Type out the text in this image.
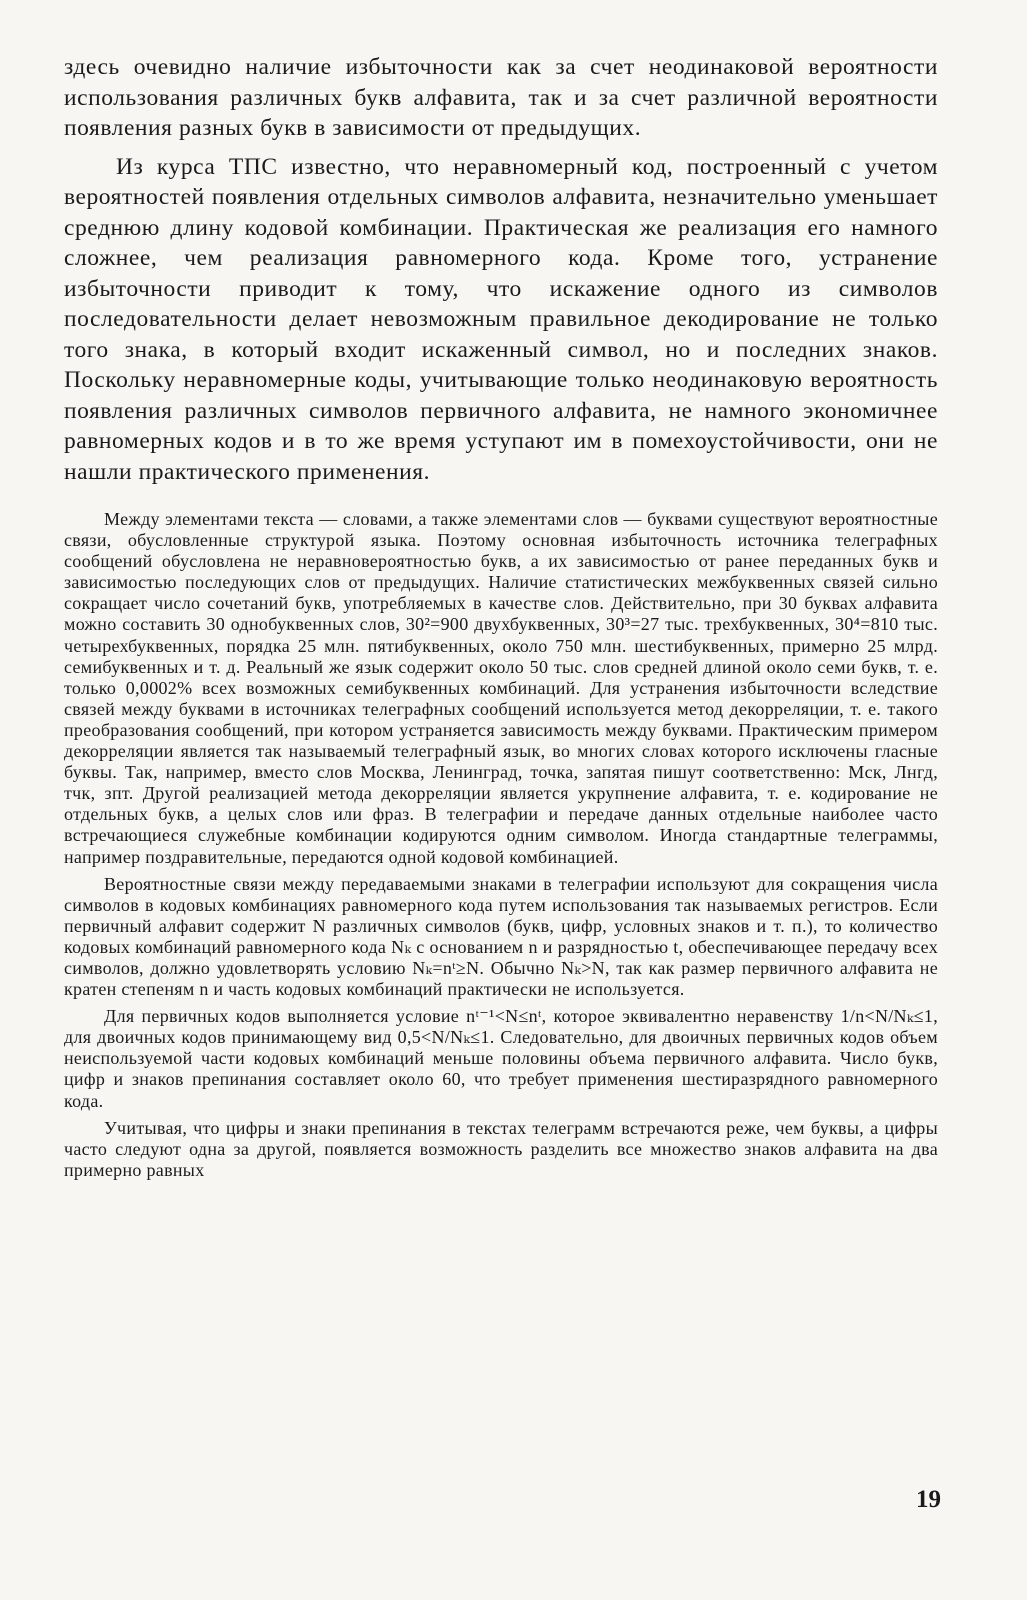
здесь очевидно наличие избыточности как за счет неодинаковой вероятности использования различных букв алфавита, так и за счет различной вероятности появления разных букв в зависимости от предыдущих.

Из курса ТПС известно, что неравномерный код, построенный с учетом вероятностей появления отдельных символов алфавита, незначительно уменьшает среднюю длину кодовой комбинации. Практическая же реализация его намного сложнее, чем реализация равномерного кода. Кроме того, устранение избыточности приводит к тому, что искажение одного из символов последовательности делает невозможным правильное декодирование не только того знака, в который входит искаженный символ, но и последних знаков. Поскольку неравномерные коды, учитывающие только неодинаковую вероятность появления различных символов первичного алфавита, не намного экономичнее равномерных кодов и в то же время уступают им в помехоустойчивости, они не нашли практического применения.

Между элементами текста — словами, а также элементами слов — буквами существуют вероятностные связи, обусловленные структурой языка. Поэтому основная избыточность источника телеграфных сообщений обусловлена не неравновероятностью букв, а их зависимостью от ранее переданных букв и зависимостью последующих слов от предыдущих. Наличие статистических межбуквенных связей сильно сокращает число сочетаний букв, употребляемых в качестве слов. Действительно, при 30 буквах алфавита можно составить 30 однобуквенных слов, 30²=900 двухбуквенных, 30³=27 тыс. трехбуквенных, 30⁴=810 тыс. четырехбуквенных, порядка 25 млн. пятибуквенных, около 750 млн. шестибуквенных, примерно 25 млрд. семибуквенных и т. д. Реальный же язык содержит около 50 тыс. слов средней длиной около семи букв, т. е. только 0,0002% всех возможных семибуквенных комбинаций. Для устранения избыточности вследствие связей между буквами в источниках телеграфных сообщений используется метод декорреляции, т. е. такого преобразования сообщений, при котором устраняется зависимость между буквами. Практическим примером декорреляции является так называемый телеграфный язык, во многих словах которого исключены гласные буквы. Так, например, вместо слов Москва, Ленинград, точка, запятая пишут соответственно: Мск, Лнгд, тчк, зпт. Другой реализацией метода декорреляции является укрупнение алфавита, т. е. кодирование не отдельных букв, а целых слов или фраз. В телеграфии и передаче данных отдельные наиболее часто встречающиеся служебные комбинации кодируются одним символом. Иногда стандартные телеграммы, например поздравительные, передаются одной кодовой комбинацией.

Вероятностные связи между передаваемыми знаками в телеграфии используют для сокращения числа символов в кодовых комбинациях равномерного кода путем использования так называемых регистров. Если первичный алфавит содержит N различных символов (букв, цифр, условных знаков и т. п.), то количество кодовых комбинаций равномерного кода Nₖ с основанием n и разрядностью t, обеспечивающее передачу всех символов, должно удовлетворять условию Nₖ=nᵗ≥N. Обычно Nₖ>N, так как размер первичного алфавита не кратен степеням n и часть кодовых комбинаций практически не используется.

Для первичных кодов выполняется условие nᵗ⁻¹<N≤nᵗ, которое эквивалентно неравенству 1/n<N/Nₖ≤1, для двоичных кодов принимающему вид 0,5<N/Nₖ≤1. Следовательно, для двоичных первичных кодов объем неиспользуемой части кодовых комбинаций меньше половины объема первичного алфавита. Число букв, цифр и знаков препинания составляет около 60, что требует применения шестиразрядного равномерного кода.

Учитывая, что цифры и знаки препинания в текстах телеграмм встречаются реже, чем буквы, а цифры часто следуют одна за другой, появляется возможность разделить все множество знаков алфавита на два примерно равных

19
